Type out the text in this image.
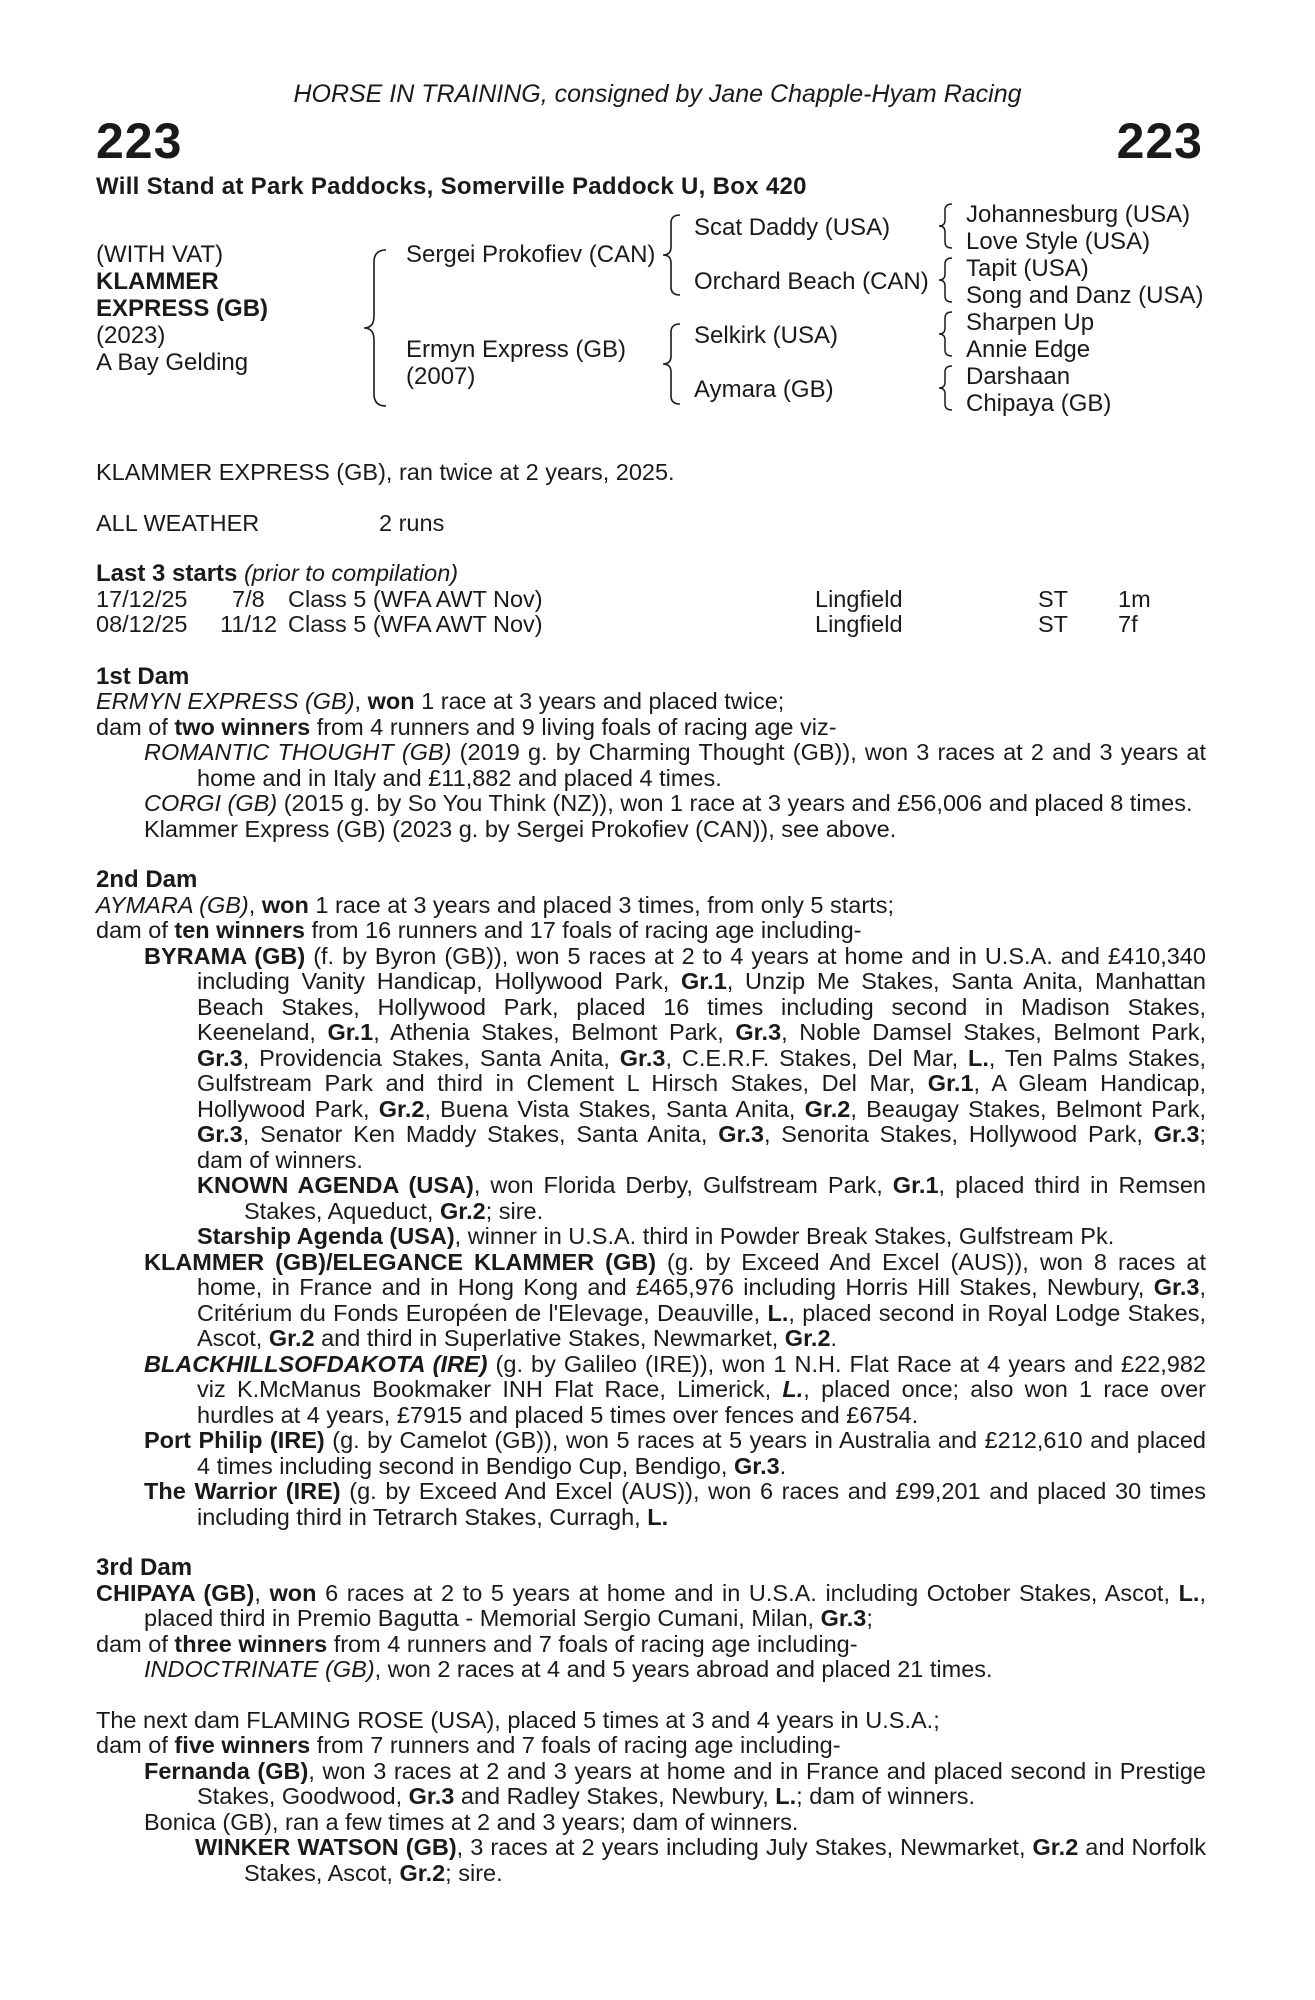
HORSE IN TRAINING, consigned by Jane Chapple-Hyam Racing
223	223
Will Stand at Park Paddocks, Somerville Paddock U, Box 420
(WITH VAT)
KLAMMER
EXPRESS (GB)
(2023)
A Bay Gelding
Sergei Prokofiev (CAN)
Ermyn Express (GB)
(2007)
Scat Daddy (USA)
Orchard Beach (CAN)
Selkirk (USA)
Aymara (GB)
Johannesburg (USA)
Love Style (USA)
Tapit (USA)
Song and Danz (USA)
Sharpen Up
Annie Edge
Darshaan
Chipaya (GB)

KLAMMER EXPRESS (GB), ran twice at 2 years, 2025.

ALL WEATHER	2 runs

Last 3 starts (prior to compilation)

17/12/25 7/8 Class 5 (WFA AWT Nov)	Lingfield	ST 1m
08/12/25 11/12 Class 5 (WFA AWT Nov)	Lingfield	ST 7f

1st Dam

ERMYN EXPRESS (GB), won 1 race at 3 years and placed twice;

dam of two winners from 4 runners and 9 living foals of racing age viz-

ROMANTIC THOUGHT (GB) (2019 g. by Charming Thought (GB)), won 3 races at 2 and 3 years at home and in Italy and £11,882 and placed 4 times.

CORGI (GB) (2015 g. by So You Think (NZ)), won 1 race at 3 years and £56,006 and placed 8 times.

Klammer Express (GB) (2023 g. by Sergei Prokofiev (CAN)), see above.

2nd Dam

AYMARA (GB), won 1 race at 3 years and placed 3 times, from only 5 starts;

dam of ten winners from 16 runners and 17 foals of racing age including-

BYRAMA (GB) (f. by Byron (GB)), won 5 races at 2 to 4 years at home and in U.S.A. and £410,340 including Vanity Handicap, Hollywood Park, Gr.1, Unzip Me Stakes, Santa Anita, Manhattan Beach Stakes, Hollywood Park, placed 16 times including second in Madison Stakes, Keeneland, Gr.1, Athenia Stakes, Belmont Park, Gr.3, Noble Damsel Stakes, Belmont Park, Gr.3, Providencia Stakes, Santa Anita, Gr.3, C.E.R.F. Stakes, Del Mar, L., Ten Palms Stakes, Gulfstream Park and third in Clement L Hirsch Stakes, Del Mar, Gr.1, A Gleam Handicap, Hollywood Park, Gr.2, Buena Vista Stakes, Santa Anita, Gr.2, Beaugay Stakes, Belmont Park, Gr.3, Senator Ken Maddy Stakes, Santa Anita, Gr.3, Senorita Stakes, Hollywood Park, Gr.3; dam of winners.

KNOWN AGENDA (USA), won Florida Derby, Gulfstream Park, Gr.1, placed third in Remsen Stakes, Aqueduct, Gr.2; sire.

Starship Agenda (USA), winner in U.S.A. third in Powder Break Stakes, Gulfstream Pk.

KLAMMER (GB)/ELEGANCE KLAMMER (GB) (g. by Exceed And Excel (AUS)), won 8 races at home, in France and in Hong Kong and £465,976 including Horris Hill Stakes, Newbury, Gr.3, Critérium du Fonds Européen de l'Elevage, Deauville, L., placed second in Royal Lodge Stakes, Ascot, Gr.2 and third in Superlative Stakes, Newmarket, Gr.2.

BLACKHILLSOFDAKOTA (IRE) (g. by Galileo (IRE)), won 1 N.H. Flat Race at 4 years and £22,982 viz K.McManus Bookmaker INH Flat Race, Limerick, L., placed once; also won 1 race over hurdles at 4 years, £7915 and placed 5 times over fences and £6754.

Port Philip (IRE) (g. by Camelot (GB)), won 5 races at 5 years in Australia and £212,610 and placed 4 times including second in Bendigo Cup, Bendigo, Gr.3.

The Warrior (IRE) (g. by Exceed And Excel (AUS)), won 6 races and £99,201 and placed 30 times including third in Tetrarch Stakes, Curragh, L.

3rd Dam

CHIPAYA (GB), won 6 races at 2 to 5 years at home and in U.S.A. including October Stakes, Ascot, L., placed third in Premio Bagutta - Memorial Sergio Cumani, Milan, Gr.3;

dam of three winners from 4 runners and 7 foals of racing age including-

INDOCTRINATE (GB), won 2 races at 4 and 5 years abroad and placed 21 times.

The next dam FLAMING ROSE (USA), placed 5 times at 3 and 4 years in U.S.A.;

dam of five winners from 7 runners and 7 foals of racing age including-

Fernanda (GB), won 3 races at 2 and 3 years at home and in France and placed second in Prestige Stakes, Goodwood, Gr.3 and Radley Stakes, Newbury, L.; dam of winners.

Bonica (GB), ran a few times at 2 and 3 years; dam of winners.

WINKER WATSON (GB), 3 races at 2 years including July Stakes, Newmarket, Gr.2 and Norfolk Stakes, Ascot, Gr.2; sire.
